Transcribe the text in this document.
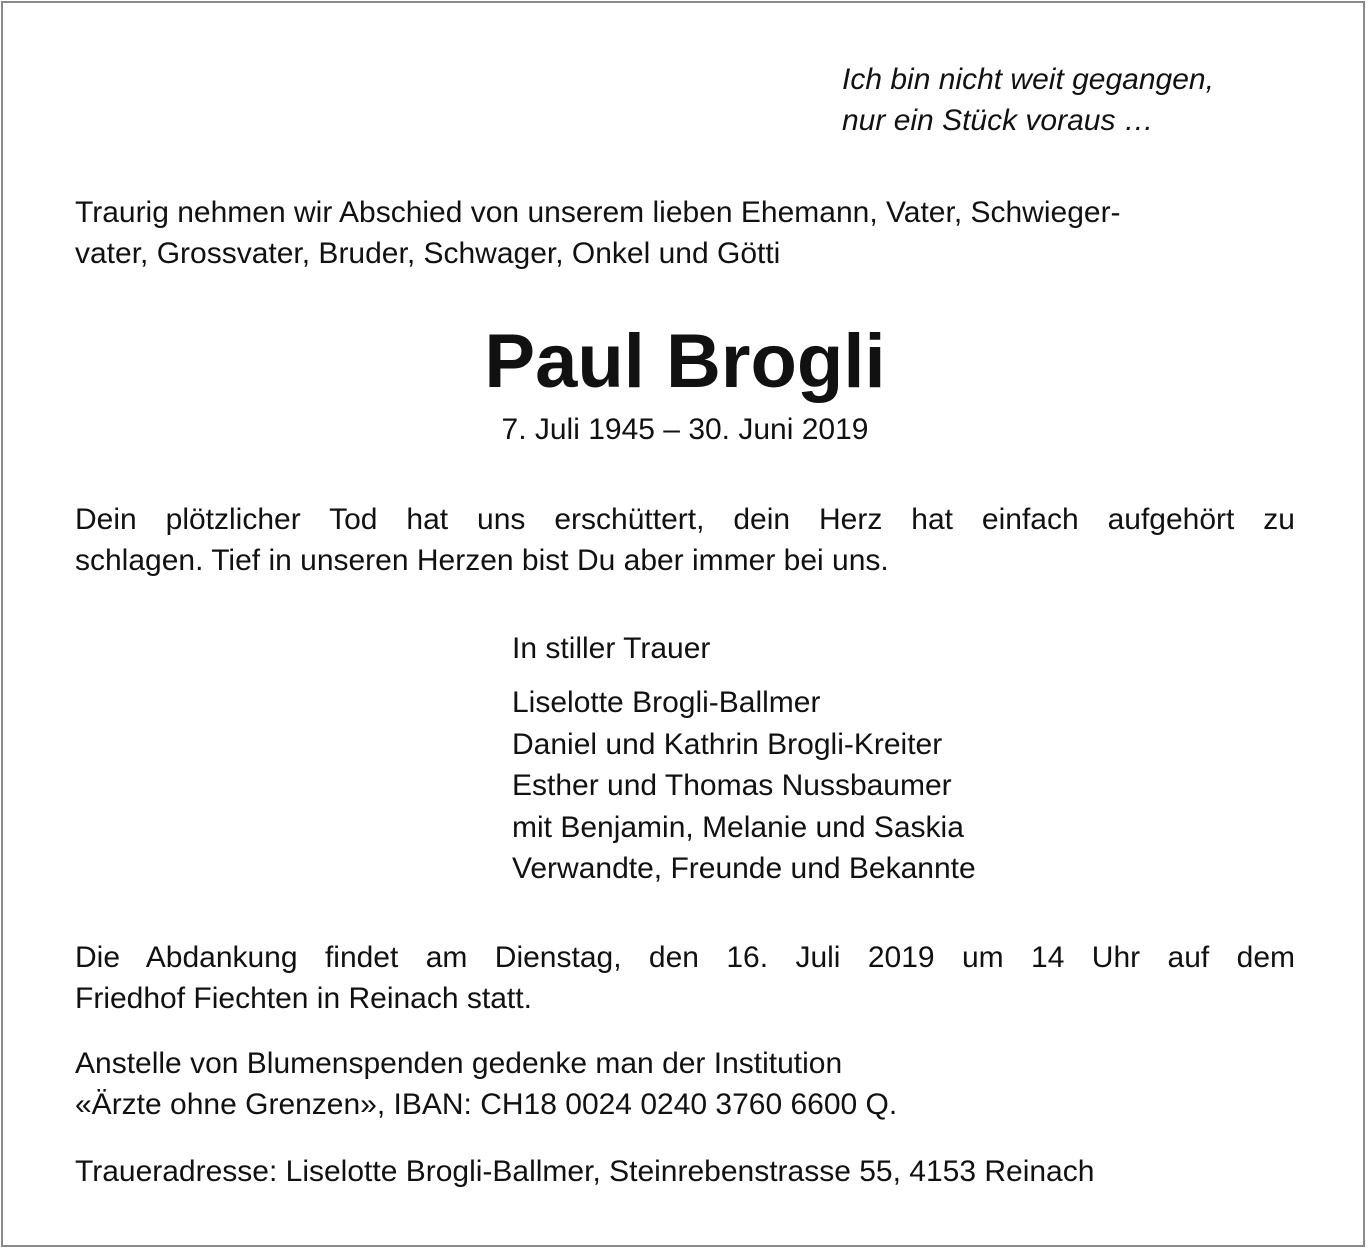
Ich bin nicht weit gegangen,
nur ein Stück voraus …

Traurig nehmen wir Abschied von unserem lieben Ehemann, Vater, Schwieger-
vater, Grossvater, Bruder, Schwager, Onkel und Götti

Paul Brogli

7. Juli 1945 – 30. Juni 2019

Dein plötzlicher Tod hat uns erschüttert, dein Herz hat einfach aufgehört zu
schlagen. Tief in unseren Herzen bist Du aber immer bei uns.

In stiller Trauer

Liselotte Brogli-Ballmer
Daniel und Kathrin Brogli-Kreiter
Esther und Thomas Nussbaumer
mit Benjamin, Melanie und Saskia
Verwandte, Freunde und Bekannte

Die Abdankung findet am Dienstag, den 16. Juli 2019 um 14 Uhr auf dem
Friedhof Fiechten in Reinach statt.

Anstelle von Blumenspenden gedenke man der Institution
«Ärzte ohne Grenzen», IBAN: CH18 0024 0240 3760 6600 Q.

Traueradresse: Liselotte Brogli-Ballmer, Steinrebenstrasse 55, 4153 Reinach
